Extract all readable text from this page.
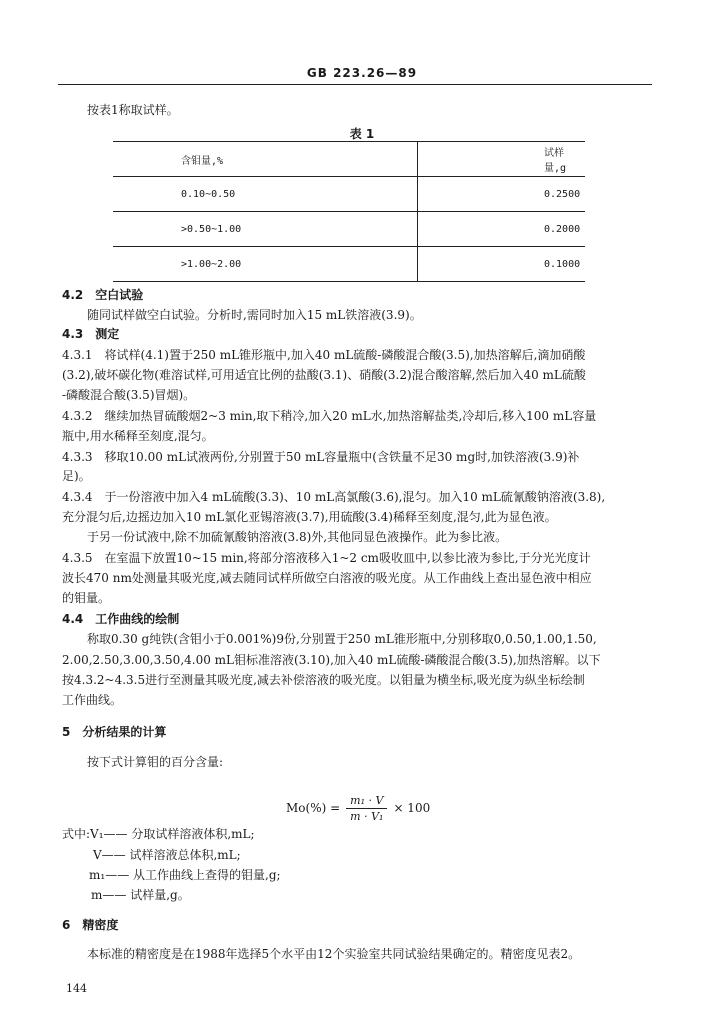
GB 223.26—89
按表1称取试样。
表 1
含钼量,%	试样量,g
0.10~0.50	0.2500
>0.50~1.00	0.2000
>1.00~2.00	0.1000
4.2　空白试验
随同试样做空白试验。分析时,需同时加入15 mL铁溶液(3.9)。
4.3　测定
4.3.1　将试样(4.1)置于250 mL锥形瓶中,加入40 mL硫酸-磷酸混合酸(3.5),加热溶解后,滴加硝酸
(3.2),破坏碳化物(难溶试样,可用适宜比例的盐酸(3.1)、硝酸(3.2)混合酸溶解,然后加入40 mL硫酸
-磷酸混合酸(3.5)冒烟)。
4.3.2　继续加热冒硫酸烟2~3 min,取下稍冷,加入20 mL水,加热溶解盐类,冷却后,移入100 mL容量
瓶中,用水稀释至刻度,混匀。
4.3.3　移取10.00 mL试液两份,分别置于50 mL容量瓶中(含铁量不足30 mg时,加铁溶液(3.9)补
足)。
4.3.4　于一份溶液中加入4 mL硫酸(3.3)、10 mL高氯酸(3.6),混匀。加入10 mL硫氰酸钠溶液(3.8),
充分混匀后,边摇边加入10 mL氯化亚锡溶液(3.7),用硫酸(3.4)稀释至刻度,混匀,此为显色液。
于另一份试液中,除不加硫氰酸钠溶液(3.8)外,其他同显色液操作。此为参比液。
4.3.5　在室温下放置10~15 min,将部分溶液移入1~2 cm吸收皿中,以参比液为参比,于分光光度计
波长470 nm处测量其吸光度,减去随同试样所做空白溶液的吸光度。从工作曲线上查出显色液中相应
的钼量。
4.4　工作曲线的绘制
称取0.30 g纯铁(含钼小于0.001%)9份,分别置于250 mL锥形瓶中,分别移取0,0.50,1.00,1.50,
2.00,2.50,3.00,3.50,4.00 mL钼标准溶液(3.10),加入40 mL硫酸-磷酸混合酸(3.5),加热溶解。以下
按4.3.2~4.3.5进行至测量其吸光度,减去补偿溶液的吸光度。以钼量为横坐标,吸光度为纵坐标绘制
工作曲线。
5　分析结果的计算
按下式计算钼的百分含量:
$Mo(\%) = \frac{\text{m₁ · V}}{\text{m · V₁}} \times 100$
式中:V₁—— 分取试样溶液体积,mL;
V—— 试样溶液总体积,mL;
m₁—— 从工作曲线上查得的钼量,g;
m—— 试样量,g。
6　精密度
本标准的精密度是在1988年选择5个水平由12个实验室共同试验结果确定的。精密度见表2。
144
